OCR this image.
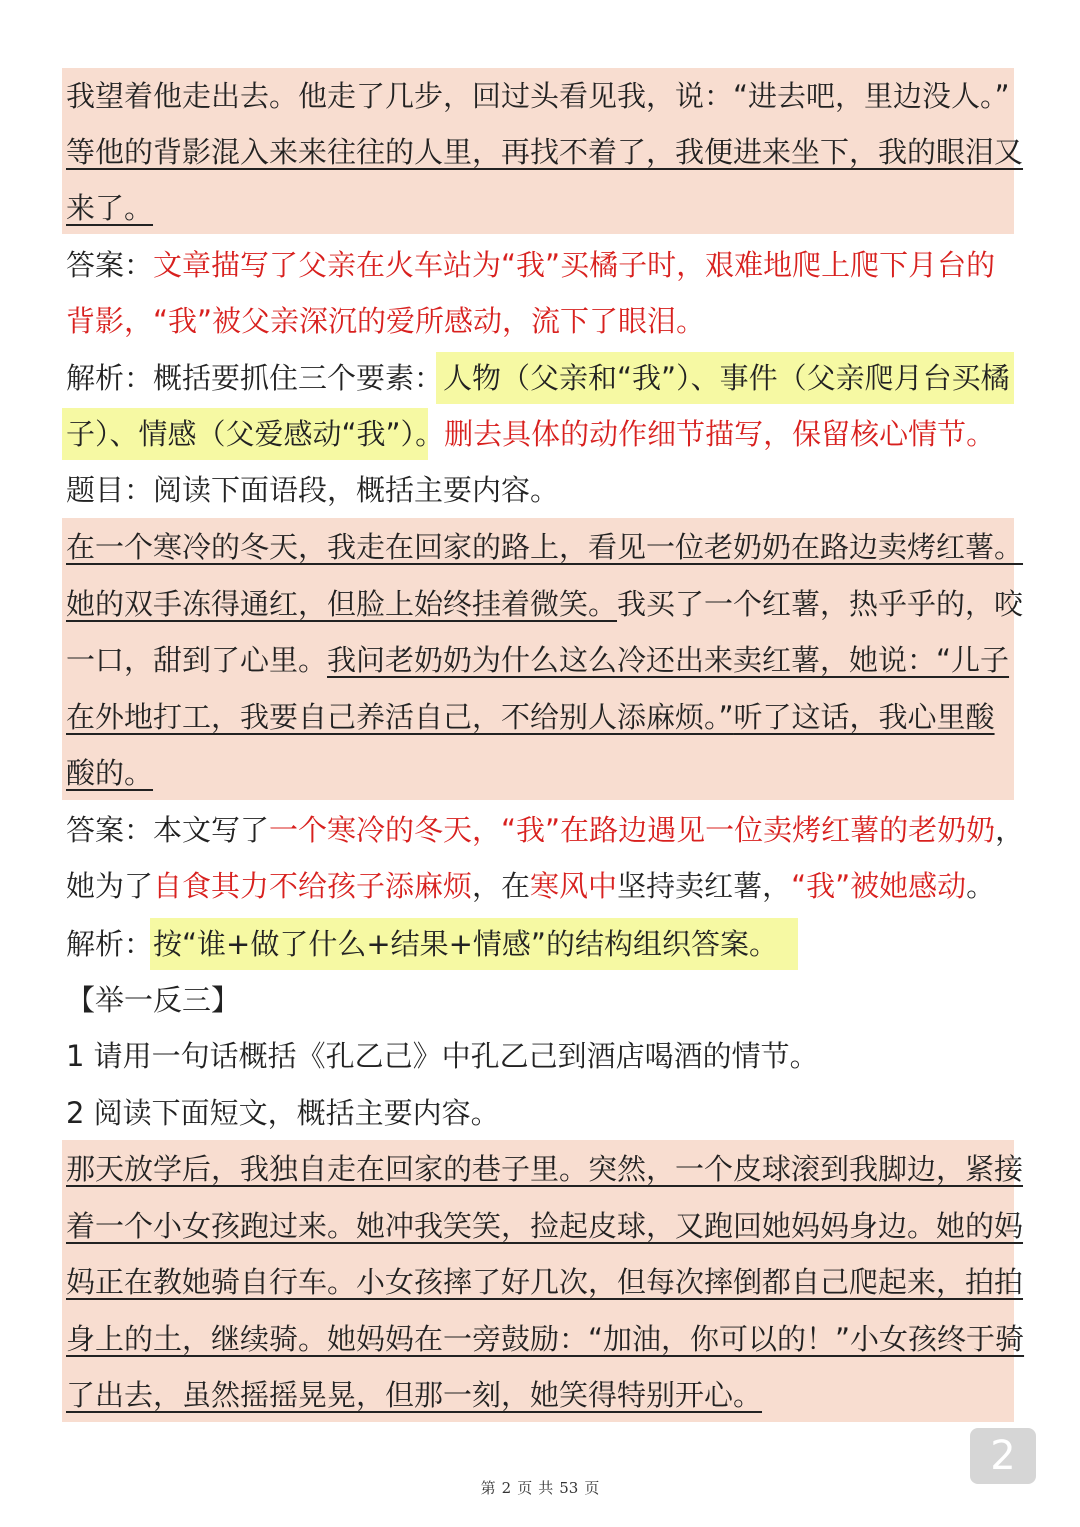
我望着他走出去。他走了几步，回过头看见我，说：“进去吧，里边没人。”
等他的背影混入来来往往的人里，再找不着了，我便进来坐下，我的眼泪又
来了。
答案：文章描写了父亲在火车站为“我”买橘子时，艰难地爬上爬下月台的
背影，“我”被父亲深沉的爱所感动，流下了眼泪。
解析：概括要抓住三个要素：人物（父亲和“我”）、事件（父亲爬月台买橘
子）、情感（父爱感动“我”）。删去具体的动作细节描写，保留核心情节。
题目：阅读下面语段，概括主要内容。
在一个寒冷的冬天，我走在回家的路上，看见一位老奶奶在路边卖烤红薯。
她的双手冻得通红，但脸上始终挂着微笑。我买了一个红薯，热乎乎的，咬
一口，甜到了心里。我问老奶奶为什么这么冷还出来卖红薯，她说：“儿子
在外地打工，我要自己养活自己，不给别人添麻烦。”听了这话，我心里酸
酸的。
答案：本文写了一个寒冷的冬天，“我”在路边遇见一位卖烤红薯的老奶奶，
她为了自食其力不给孩子添麻烦，在寒风中坚持卖红薯，“我”被她感动。
解析：按“谁+做了什么+结果+情感”的结构组织答案。
【举一反三】
1 请用一句话概括《孔乙己》中孔乙己到酒店喝酒的情节。
2 阅读下面短文，概括主要内容。
那天放学后，我独自走在回家的巷子里。突然，一个皮球滚到我脚边，紧接
着一个小女孩跑过来。她冲我笑笑，捡起皮球，又跑回她妈妈身边。她的妈
妈正在教她骑自行车。小女孩摔了好几次，但每次摔倒都自己爬起来，拍拍
身上的土，继续骑。她妈妈在一旁鼓励：“加油，你可以的！”小女孩终于骑
了出去，虽然摇摇晃晃，但那一刻，她笑得特别开心。
2
第 2 页 共 53 页
